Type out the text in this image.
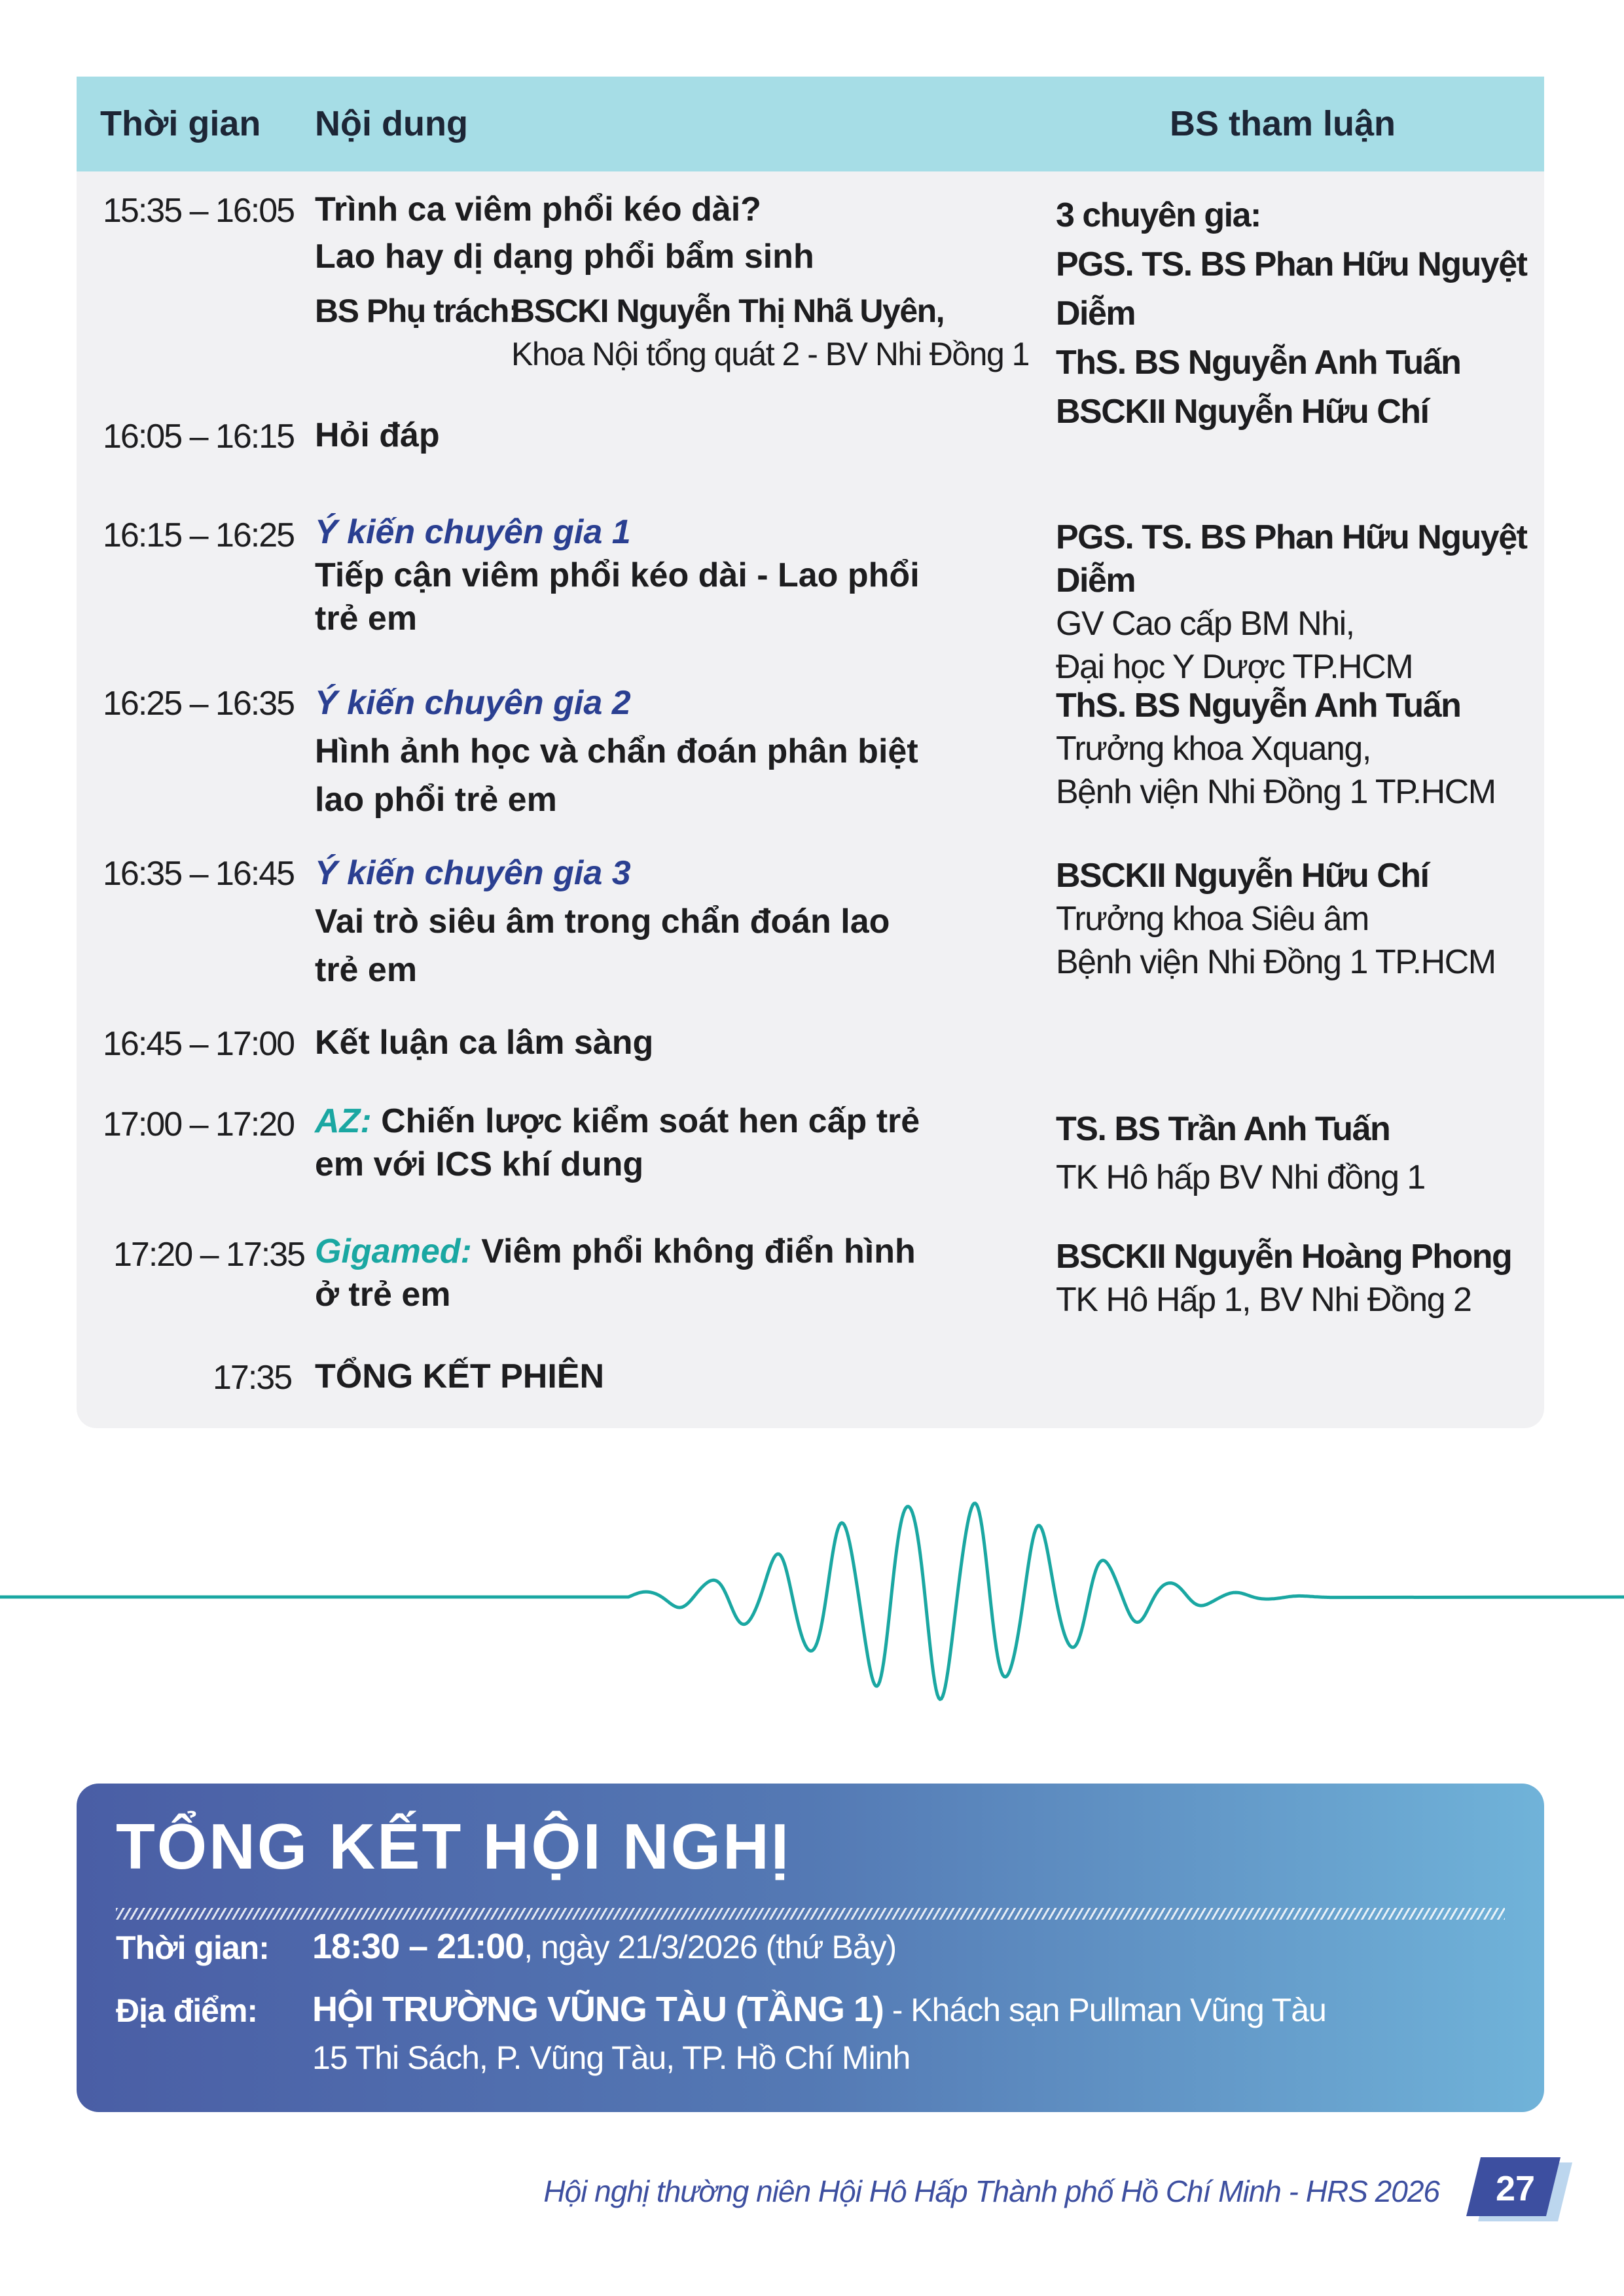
Thời gian Nội dung	BS tham luận
15:35 – 16:05 Trình ca viêm phổi kéo dài?
Lao hay dị dạng phổi bẩm sinh
BS Phụ trách:
BSCKI Nguyễn Thị Nhã Uyên,
Khoa Nội tổng quát 2 - BV Nhi Đồng 1
3 chuyên gia:
PGS. TS. BS Phan Hữu Nguyệt Diễm
ThS. BS Nguyễn Anh Tuấn
BSCKII Nguyễn Hữu Chí
16:05 – 16:15 Hỏi đáp
16:15 – 16:25 Ý kiến chuyên gia 1
Tiếp cận viêm phổi kéo dài - Lao phổi
trẻ em
PGS. TS. BS Phan Hữu Nguyệt Diễm
GV Cao cấp BM Nhi,
Đại học Y Dược TP.HCM
16:25 – 16:35 Ý kiến chuyên gia 2
Hình ảnh học và chẩn đoán phân biệt
lao phổi trẻ em
ThS. BS Nguyễn Anh Tuấn
Trưởng khoa Xquang,
Bệnh viện Nhi Đồng 1 TP.HCM
16:35 – 16:45 Ý kiến chuyên gia 3
Vai trò siêu âm trong chẩn đoán lao
trẻ em
BSCKII Nguyễn Hữu Chí
Trưởng khoa Siêu âm
Bệnh viện Nhi Đồng 1 TP.HCM
16:45 – 17:00 Kết luận ca lâm sàng
17:00 – 17:20 AZ: Chiến lược kiểm soát hen cấp trẻ
em với ICS khí dung
TS. BS Trần Anh Tuấn
TK Hô hấp BV Nhi đồng 1
17:20 – 17:35 Gigamed: Viêm phổi không điển hình
ở trẻ em
BSCKII Nguyễn Hoàng Phong
TK Hô Hấp 1, BV Nhi Đồng 2
17:35 TỔNG KẾT PHIÊN
TỔNG KẾT HỘI NGHỊ
Thời gian: 18:30 – 21:00, ngày 21/3/2026 (thứ Bảy)
Địa điểm: HỘI TRƯỜNG VŨNG TÀU (TẦNG 1) - Khách sạn Pullman Vũng Tàu
15 Thi Sách, P. Vũng Tàu, TP. Hồ Chí Minh
Hội nghị thường niên Hội Hô Hấp Thành phố Hồ Chí Minh - HRS 2026	27
